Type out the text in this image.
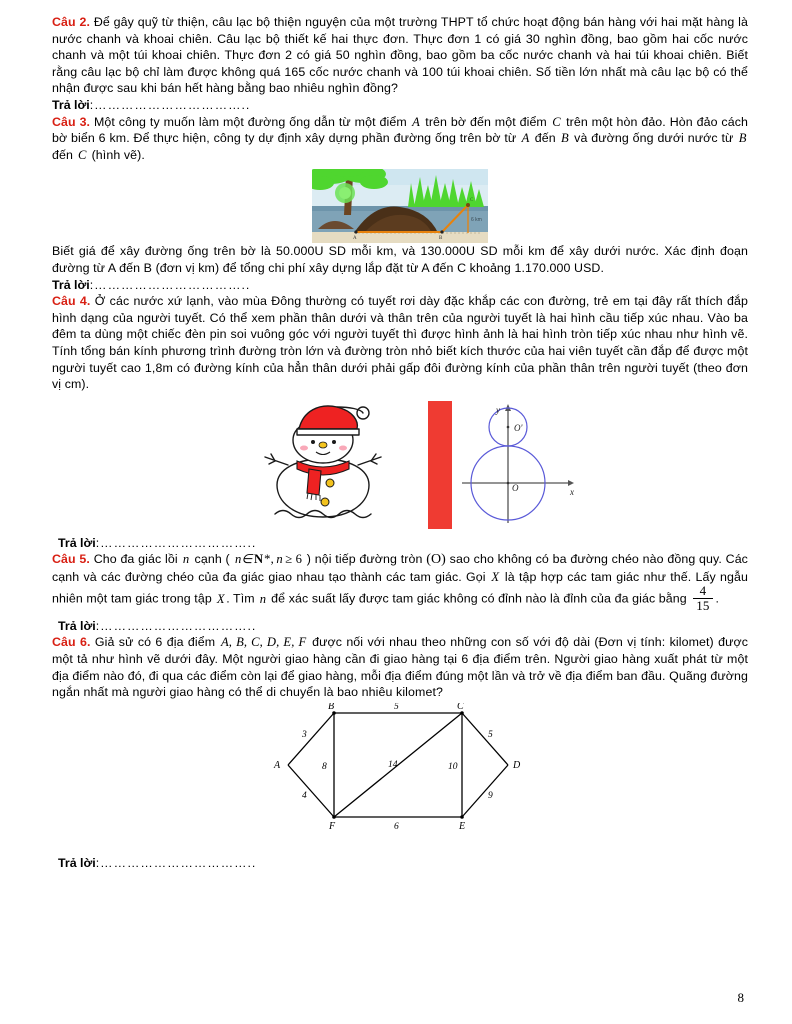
Câu 2. Để gây quỹ từ thiện, câu lạc bộ thiện nguyện của một trường THPT tổ chức hoạt động bán hàng với hai mặt hàng là nước chanh và khoai chiên. Câu lạc bộ thiết kế hai thực đơn. Thực đơn 1 có giá 30 nghìn đồng, bao gồm hai cốc nước chanh và một túi khoai chiên. Thực đơn 2 có giá 50 nghìn đồng, bao gồm ba cốc nước chanh và hai túi khoai chiên. Biết rằng câu lạc bộ chỉ làm được không quá 165 cốc nước chanh và 100 túi khoai chiên. Số tiền lớn nhất mà câu lạc bộ có thể nhận được sau khi bán hết hàng bằng bao nhiêu nghìn đồng?

Trả lời:……………………………..

Câu 3. Một công ty muốn làm một đường ống dẫn từ một điểm A trên bờ đến một điểm C trên một hòn đảo. Hòn đảo cách bờ biển 6 km. Để thực hiện, công ty dự định xây dựng phần đường ống trên bờ từ A đến B và đường ống dưới nước từ B đến C (hình vẽ).

A	B
C
6 km

Biết giá để xây đường ống trên bờ là 50.000U SD mỗi km, và 130.000U SD mỗi km để xây dưới nước. Xác định đoạn đường từ A đến B (đơn vị km) để tổng chi phí xây dựng lắp đặt từ A đến C khoảng 1.170.000 USD.

Trả lời:……………………………..

Câu 4. Ở các nước xứ lạnh, vào mùa Đông thường có tuyết rơi dày đặc khắp các con đường, trẻ em tại đây rất thích đắp hình dạng của người tuyết. Có thể xem phần thân dưới và thân trên của người tuyết là hai hình cầu tiếp xúc nhau. Vào ba đêm ta dùng một chiếc đèn pin soi vuông góc với người tuyết thì được hình ảnh là hai hình tròn tiếp xúc nhau như hình vẽ. Tính tổng bán kính phương trình đường tròn lớn và đường tròn nhỏ biết kích thước của hai viên tuyết cần đắp để được một người tuyết cao 1,8m có đường kính của hẳn thân dưới phải gấp đôi đường kính của phần thân trên người tuyết (theo đơn vị cm).

O
O'
x
y

Trả lời:……………………………..

Câu 5. Cho đa giác lồi n cạnh ( n∈ N*, n ≥ 6 ) nội tiếp đường tròn (O) sao cho không có ba đường chéo nào đồng quy. Các cạnh và các đường chéo của đa giác giao nhau tạo thành các tam giác. Gọi X là tập hợp các tam giác như thế. Lấy ngẫu nhiên một tam giác trong tập X . Tìm n để xác suất lấy được tam giác không có đỉnh nào là đỉnh của đa giác bằng $\frac{4}{15}$ .

Trả lời:……………………………..

Câu 6. Giả sử có 6 địa điểm A, B, C, D, E, F được nối với nhau theo những con số với độ dài (Đơn vị tính: kilomet) được một tả như hình vẽ dưới đây. Một người giao hàng cần đi giao hàng tại 6 địa điểm trên. Người giao hàng xuất phát từ một địa điểm nào đó, đi qua các điểm còn lại để giao hàng, mỗi địa điểm đúng một lần và trở về địa điểm ban đầu. Quãng đường ngắn nhất mà người giao hàng có thể di chuyển là bao nhiêu kilomet?

A
B	C
D
E
F
3
5
5
4
8	14	10
9
6

Trả lời:……………………………..

8
